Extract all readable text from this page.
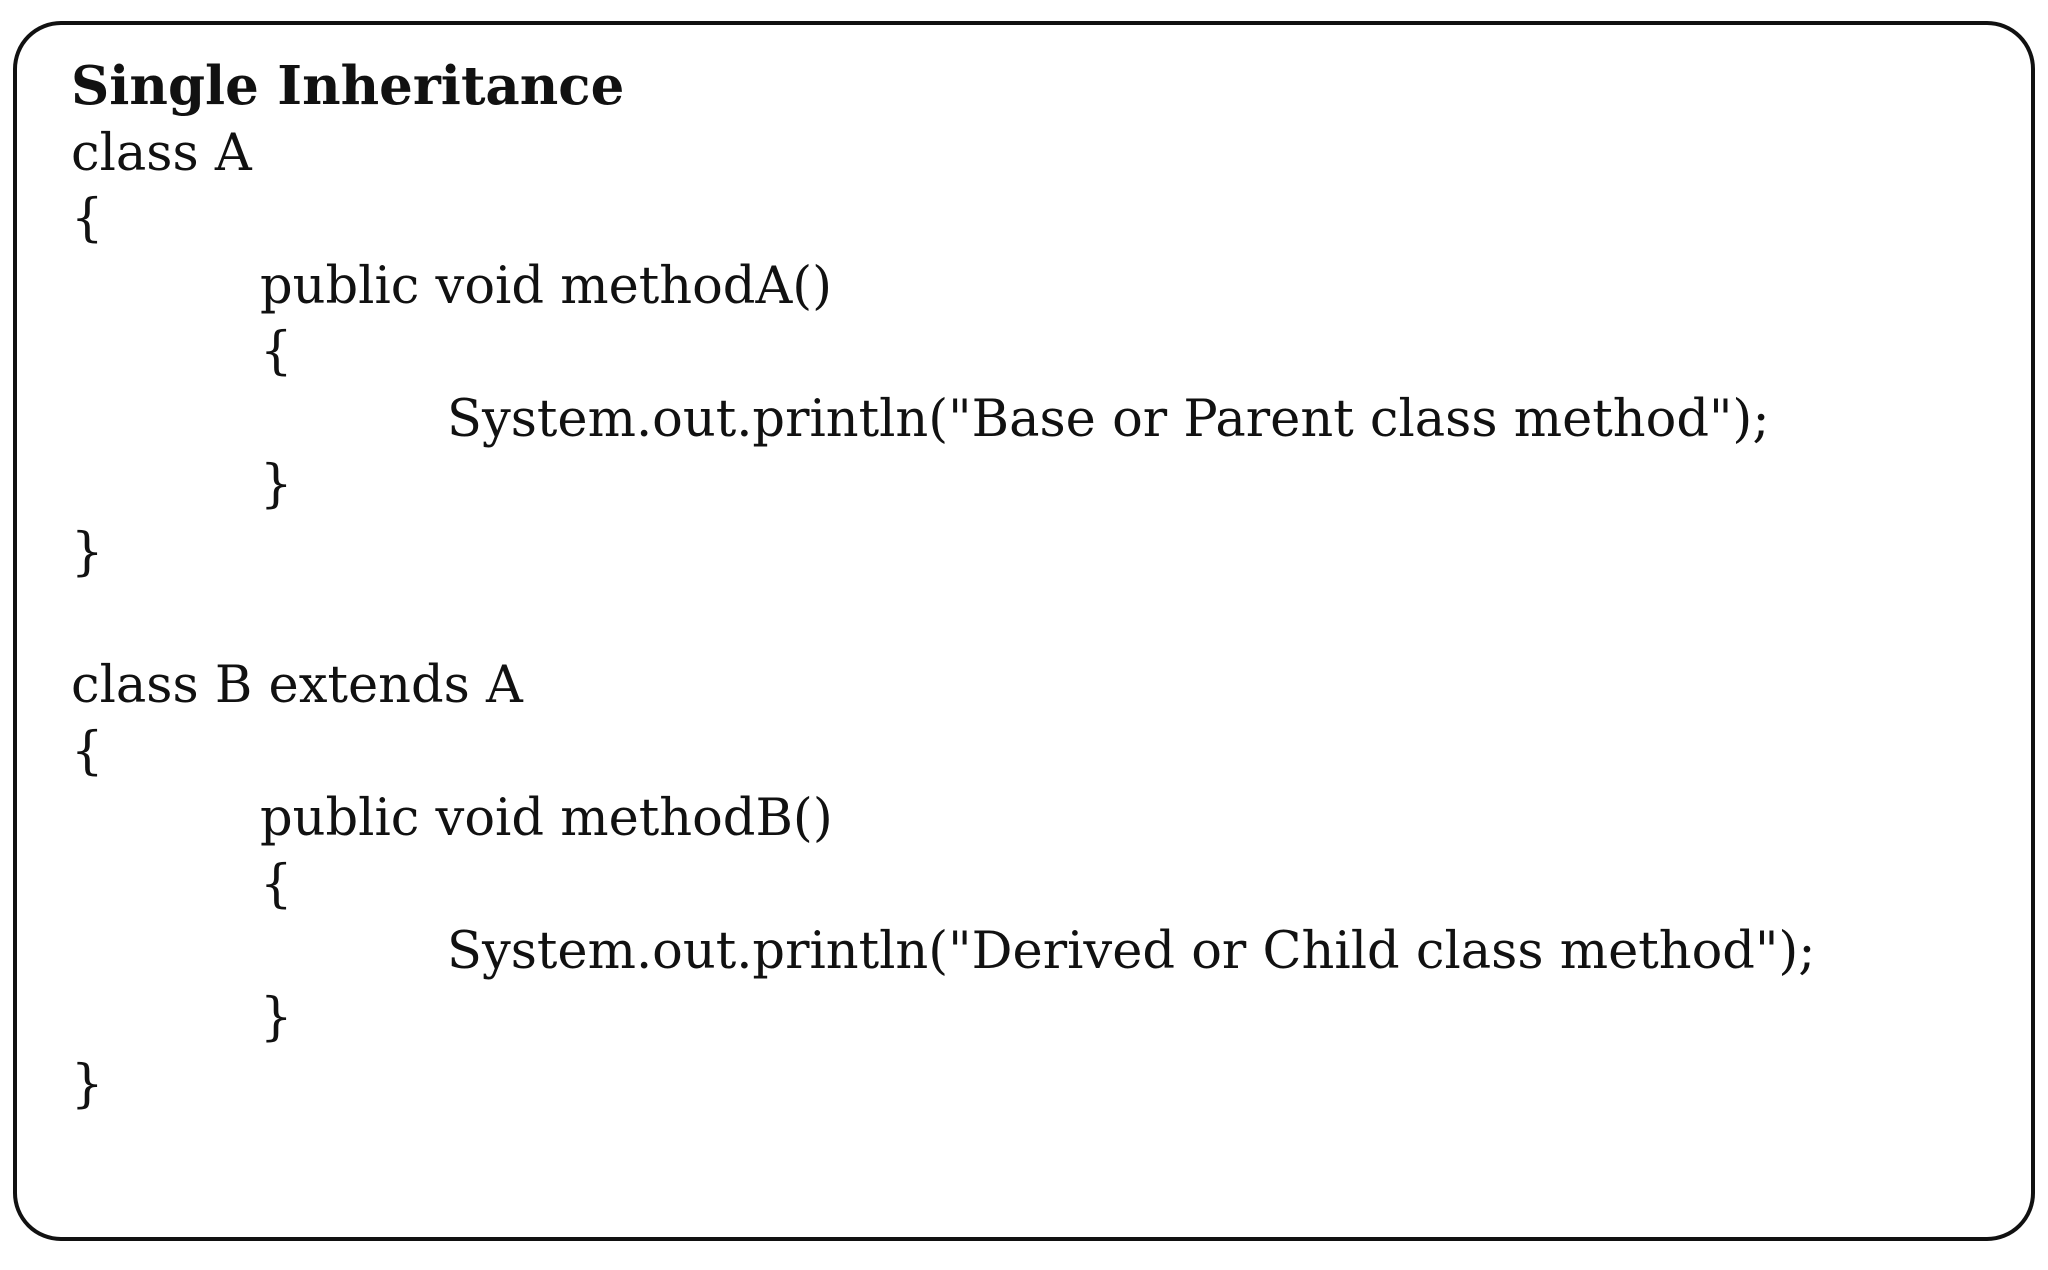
Single Inheritance

class A

{

public void methodA()

{

System.out.println("Base or Parent class method");

}

}

class B extends A

{

public void methodB()

{

System.out.println("Derived or Child class method");

}

}
